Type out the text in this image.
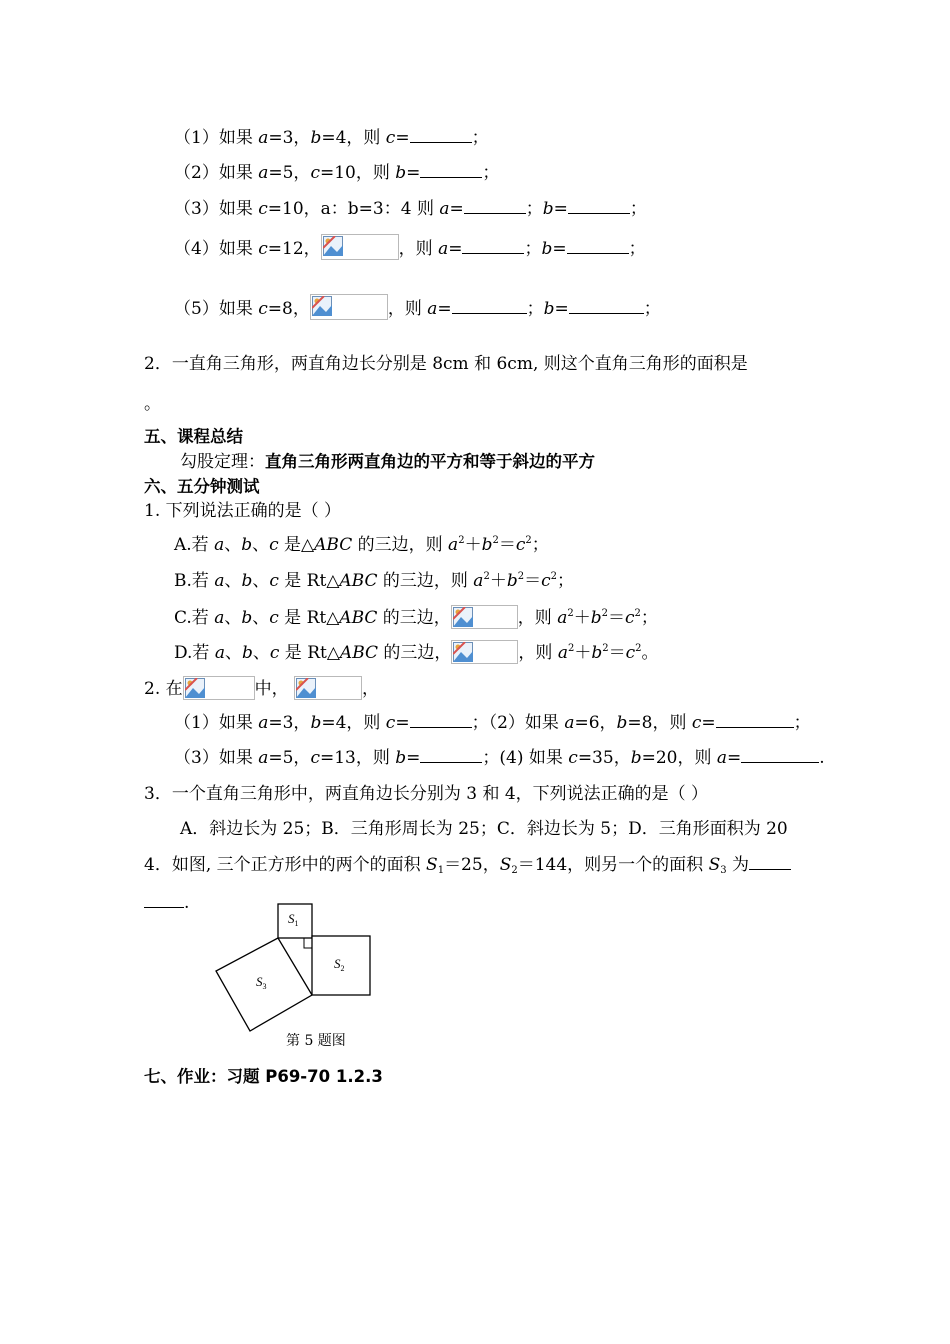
（1）如果 a=3，b=4，则 c=	；
（2）如果 a=5，c=10，则 b=	；
（3）如果 c=10，a：b=3：4 则 a=	；b=	；
（4）如果 c=12，	，则 a=	；b=	；
（5）如果 c=8，	，则 a=	；b=	；
2．一直角三角形，两直角边长分别是 8cm 和 6cm, 则这个直角三角形的面积是
。
五、课程总结
勾股定理：直角三角形两直角边的平方和等于斜边的平方
六、五分钟测试
1. 下列说法正确的是（ ）
A.若 a、b、c 是△ABC 的三边，则 $a^2+b^2=c^2$；
B.若 a、b、c 是 Rt△ABC 的三边，则 $a^2+b^2=c^2$；
C.若 a、b、c 是 Rt△ABC 的三边，	，则 $a^2+b^2=c^2$；
D.若 a、b、c 是 Rt△ABC 的三边，	，则 $a^2+b^2=c^2$。
2. 在	中，	，
（1）如果 a=3，b=4，则 c=	；（2）如果 a=6，b=8，则 c=	；
（3）如果 a=5，c=13，则 b=	；(4) 如果 c=35，b=20，则 a=	.
3．一个直角三角形中，两直角边长分别为 3 和 4，下列说法正确的是（ ）
A．斜边长为 25；B．三角形周长为 25；C．斜边长为 5；D．三角形面积为 20
4．如图, 三个正方形中的两个的面积 $S_1=25$，$S_2=144$，则另一个的面积 $S_3$ 为
.
$S_1$
$S_2$
$S_3$
第 5 题图
七、作业：习题 P69-70 1.2.3
